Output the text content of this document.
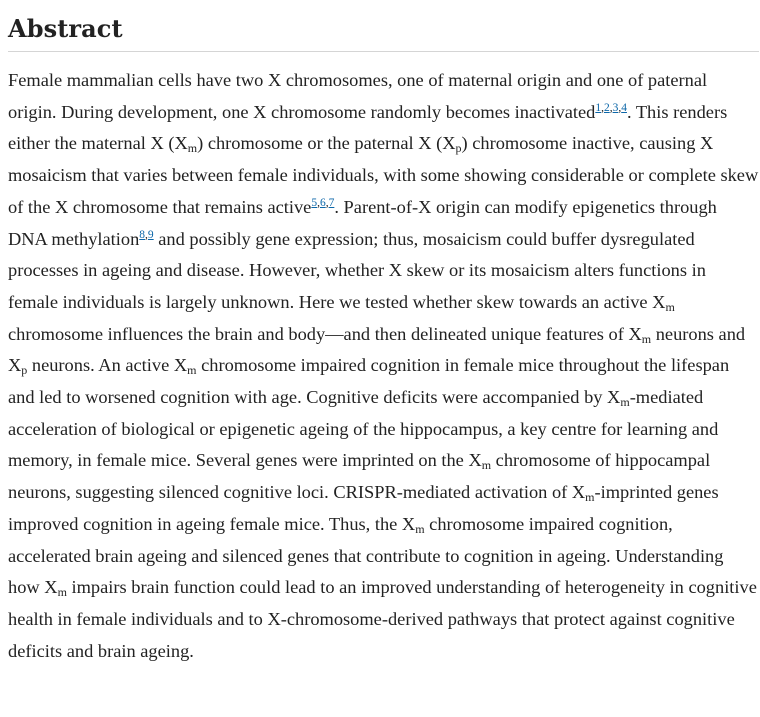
Abstract

Female mammalian cells have two X chromosomes, one of maternal origin and one of paternal origin. During development, one X chromosome randomly becomes inactivated$^{1,2,3,4}$. This renders either the maternal X $(X_m)$ chromosome or the paternal X $(X_p)$ chromosome inactive, causing X mosaicism that varies between female individuals, with some showing considerable or complete skew of the X chromosome that remains active$^{5,6,7}$. Parent-of-X origin can modify epigenetics through DNA methylation$^{8,9}$ and possibly gene expression; thus, mosaicism could buffer dysregulated processes in ageing and disease. However, whether X skew or its mosaicism alters functions in female individuals is largely unknown. Here we tested whether skew towards an active $X_m$ chromosome influences the brain and body—and then delineated unique features of $X_m$ neurons and $X_p$ neurons. An active $X_m$ chromosome impaired cognition in female mice throughout the lifespan and led to worsened cognition with age. Cognitive deficits were accompanied by $X_m$-mediated acceleration of biological or epigenetic ageing of the hippocampus, a key centre for learning and memory, in female mice. Several genes were imprinted on the $X_m$ chromosome of hippocampal neurons, suggesting silenced cognitive loci. CRISPR-mediated activation of $X_m$-imprinted genes improved cognition in ageing female mice. Thus, the $X_m$ chromosome impaired cognition, accelerated brain ageing and silenced genes that contribute to cognition in ageing. Understanding how $X_m$ impairs brain function could lead to an improved understanding of heterogeneity in cognitive health in female individuals and to X-chromosome-derived pathways that protect against cognitive deficits and brain ageing.
